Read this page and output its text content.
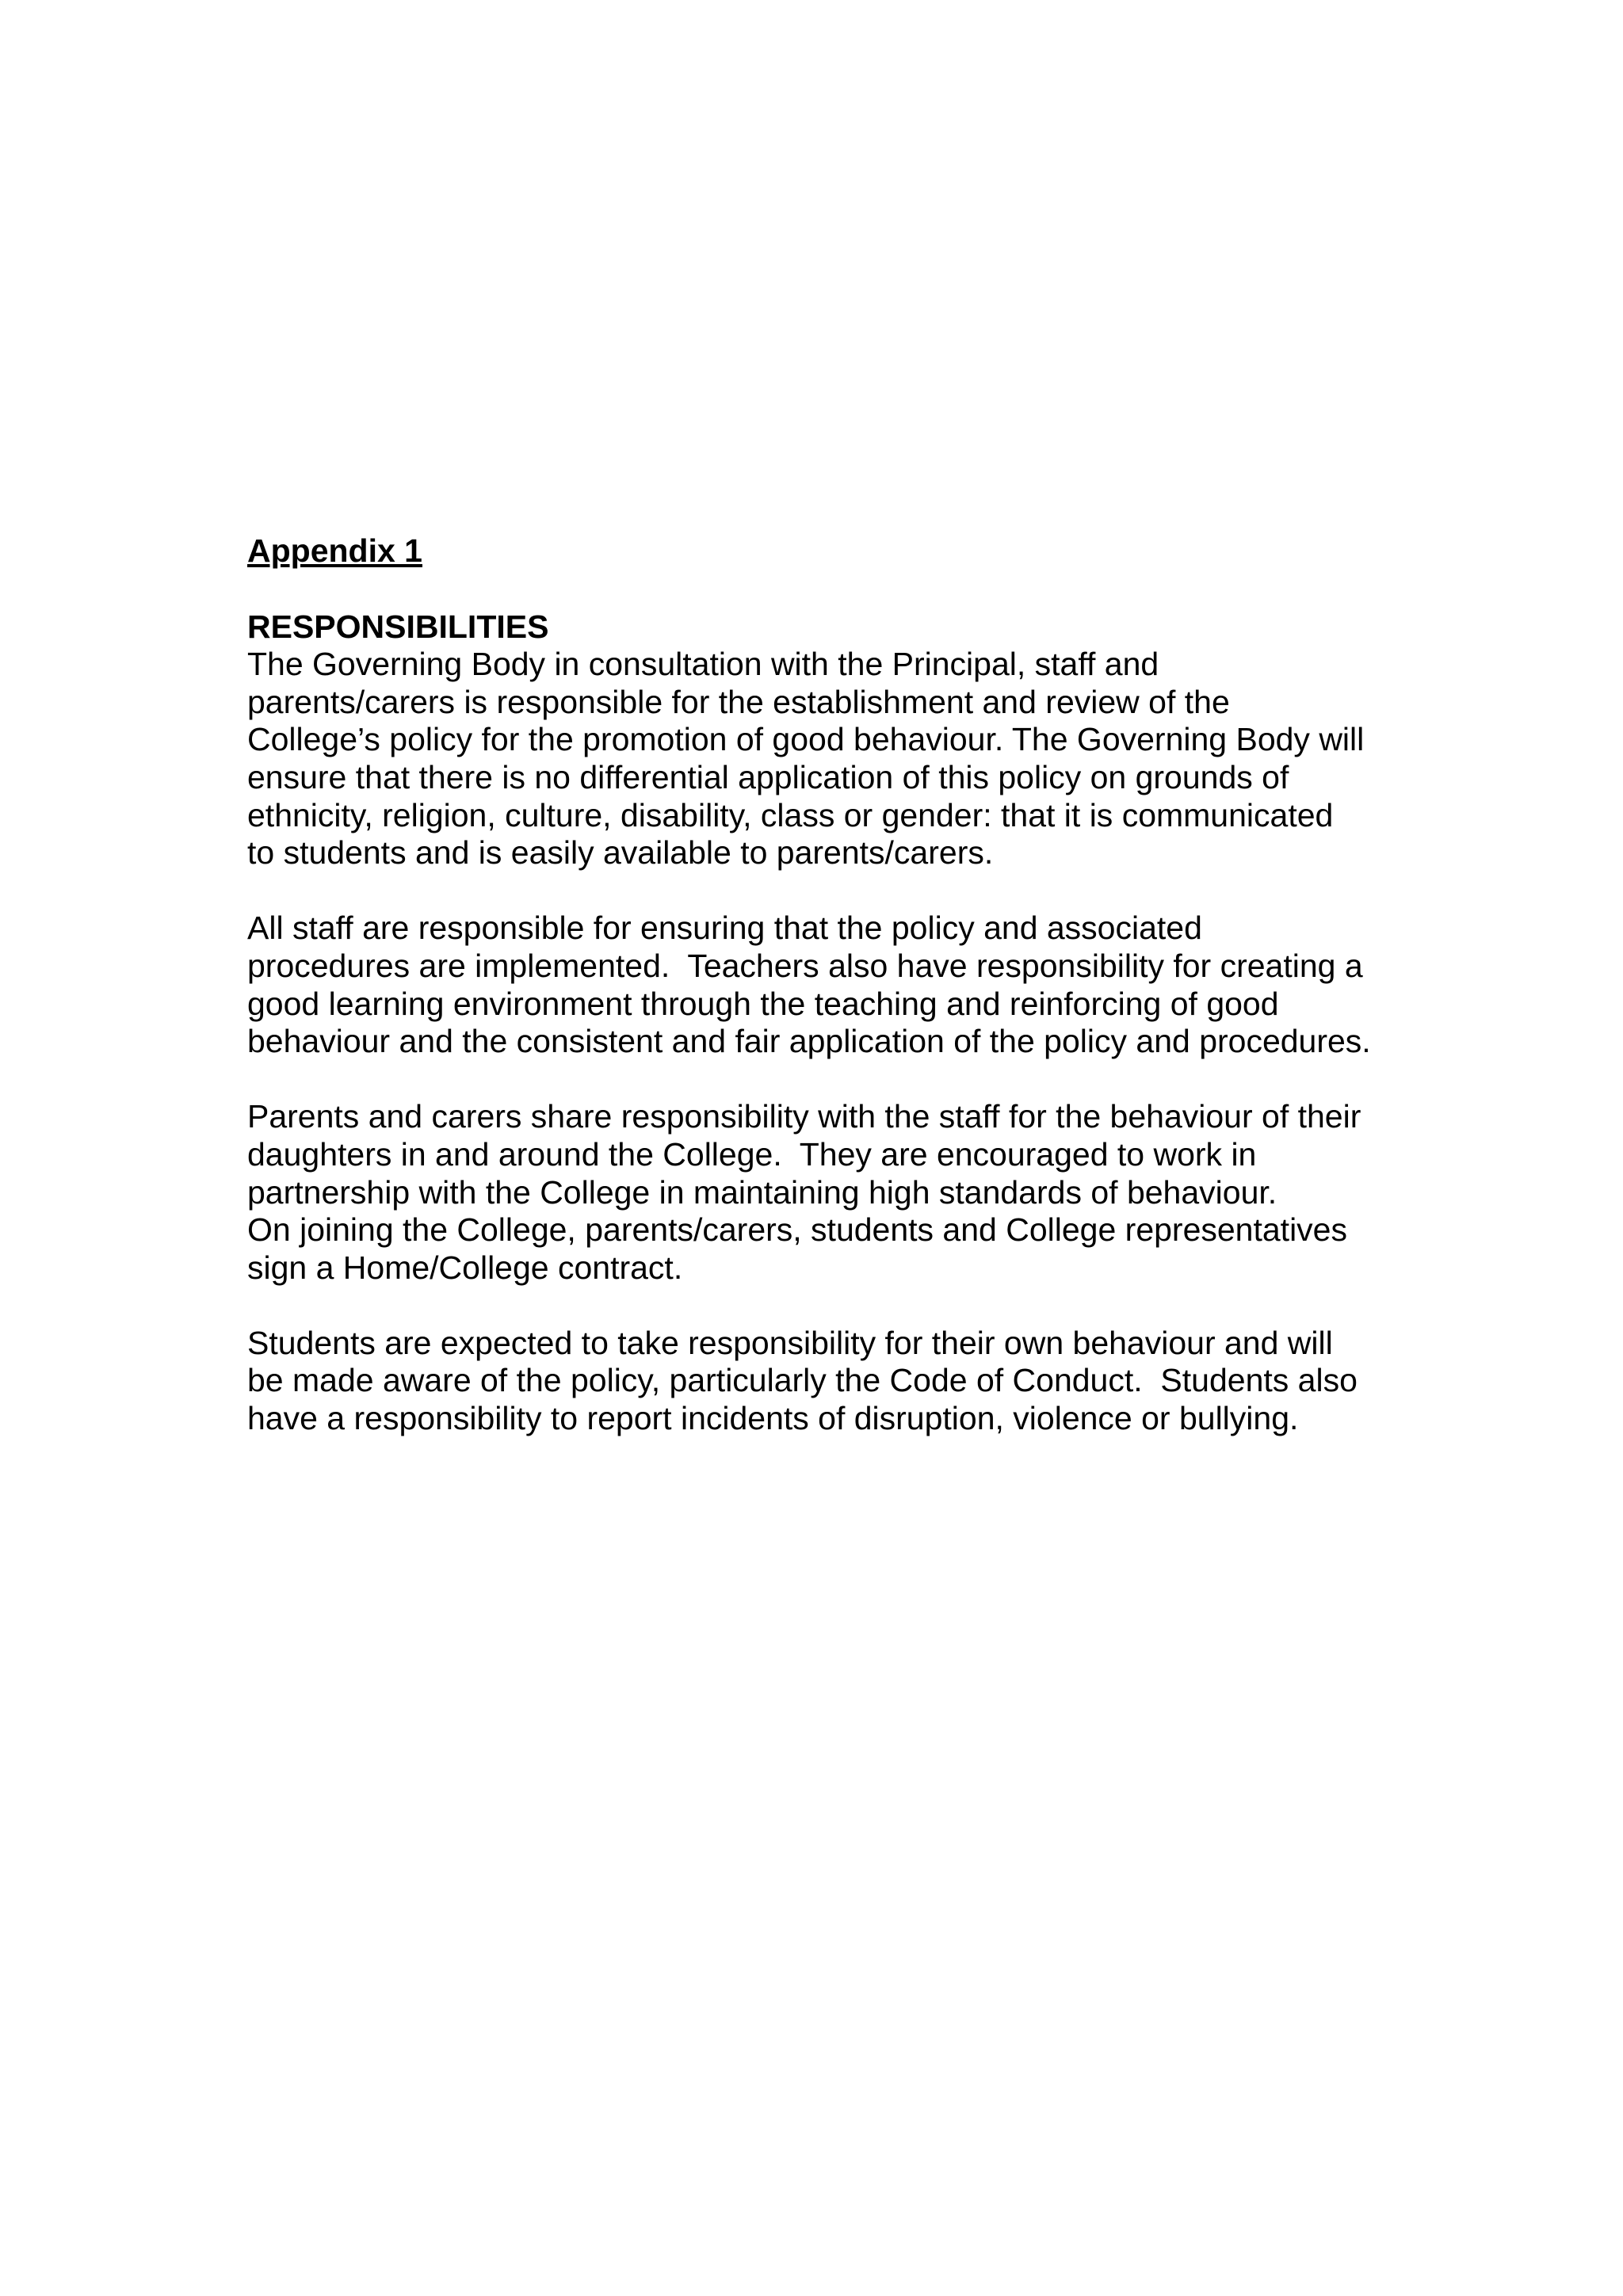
Appendix 1
RESPONSIBILITIES

The Governing Body in consultation with the Principal, staff and
parents/carers is responsible for the establishment and review of the
College’s policy for the promotion of good behaviour. The Governing Body will
ensure that there is no differential application of this policy on grounds of
ethnicity, religion, culture, disability, class or gender: that it is communicated
to students and is easily available to parents/carers.

All staff are responsible for ensuring that the policy and associated
procedures are implemented.  Teachers also have responsibility for creating a
good learning environment through the teaching and reinforcing of good
behaviour and the consistent and fair application of the policy and procedures.

Parents and carers share responsibility with the staff for the behaviour of their
daughters in and around the College.  They are encouraged to work in
partnership with the College in maintaining high standards of behaviour.
On joining the College, parents/carers, students and College representatives
sign a Home/College contract.

Students are expected to take responsibility for their own behaviour and will
be made aware of the policy, particularly the Code of Conduct.  Students also
have a responsibility to report incidents of disruption, violence or bullying.
